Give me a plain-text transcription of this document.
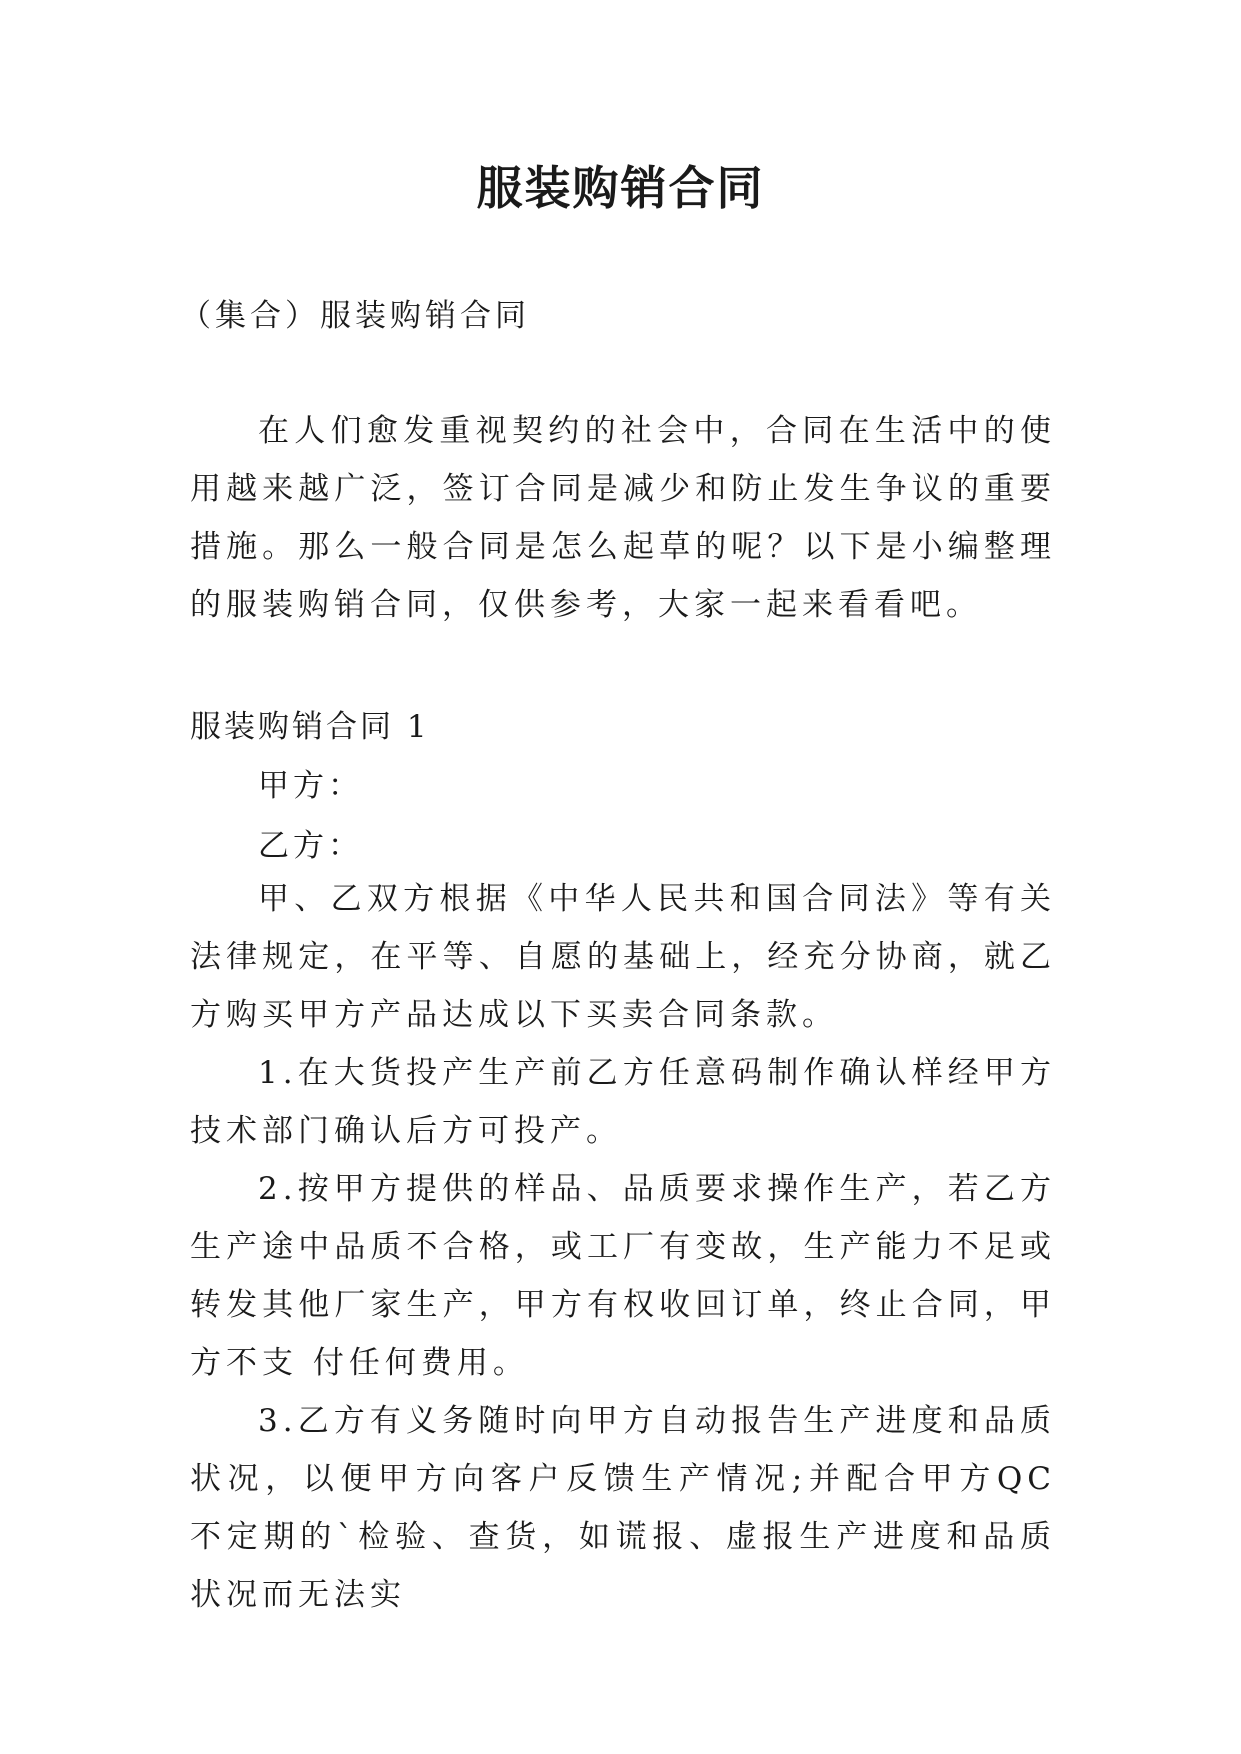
服装购销合同

（集合）服装购销合同

在人们愈发重视契约的社会中，合同在生活中的使用越来越广泛，签订合同是减少和防止发生争议的重要措施。那么一般合同是怎么起草的呢？以下是小编整理的服装购销合同，仅供参考，大家一起来看看吧。

服装购销合同 1

甲方：

乙方：

甲、乙双方根据《中华人民共和国合同法》等有关法律规定，在平等、自愿的基础上，经充分协商，就乙方购买甲方产品达成以下买卖合同条款。

1.在大货投产生产前乙方任意码制作确认样经甲方技术部门确认后方可投产。

2.按甲方提供的样品、品质要求操作生产，若乙方生产途中品质不合格，或工厂有变故，生产能力不足或转发其他厂家生产，甲方有权收回订单，终止合同，甲方不支 付任何费用。

3.乙方有义务随时向甲方自动报告生产进度和品质状况，以便甲方向客户反馈生产情况;并配合甲方QC不定期的`检验、查货，如谎报、虚报生产进度和品质状况而无法实
